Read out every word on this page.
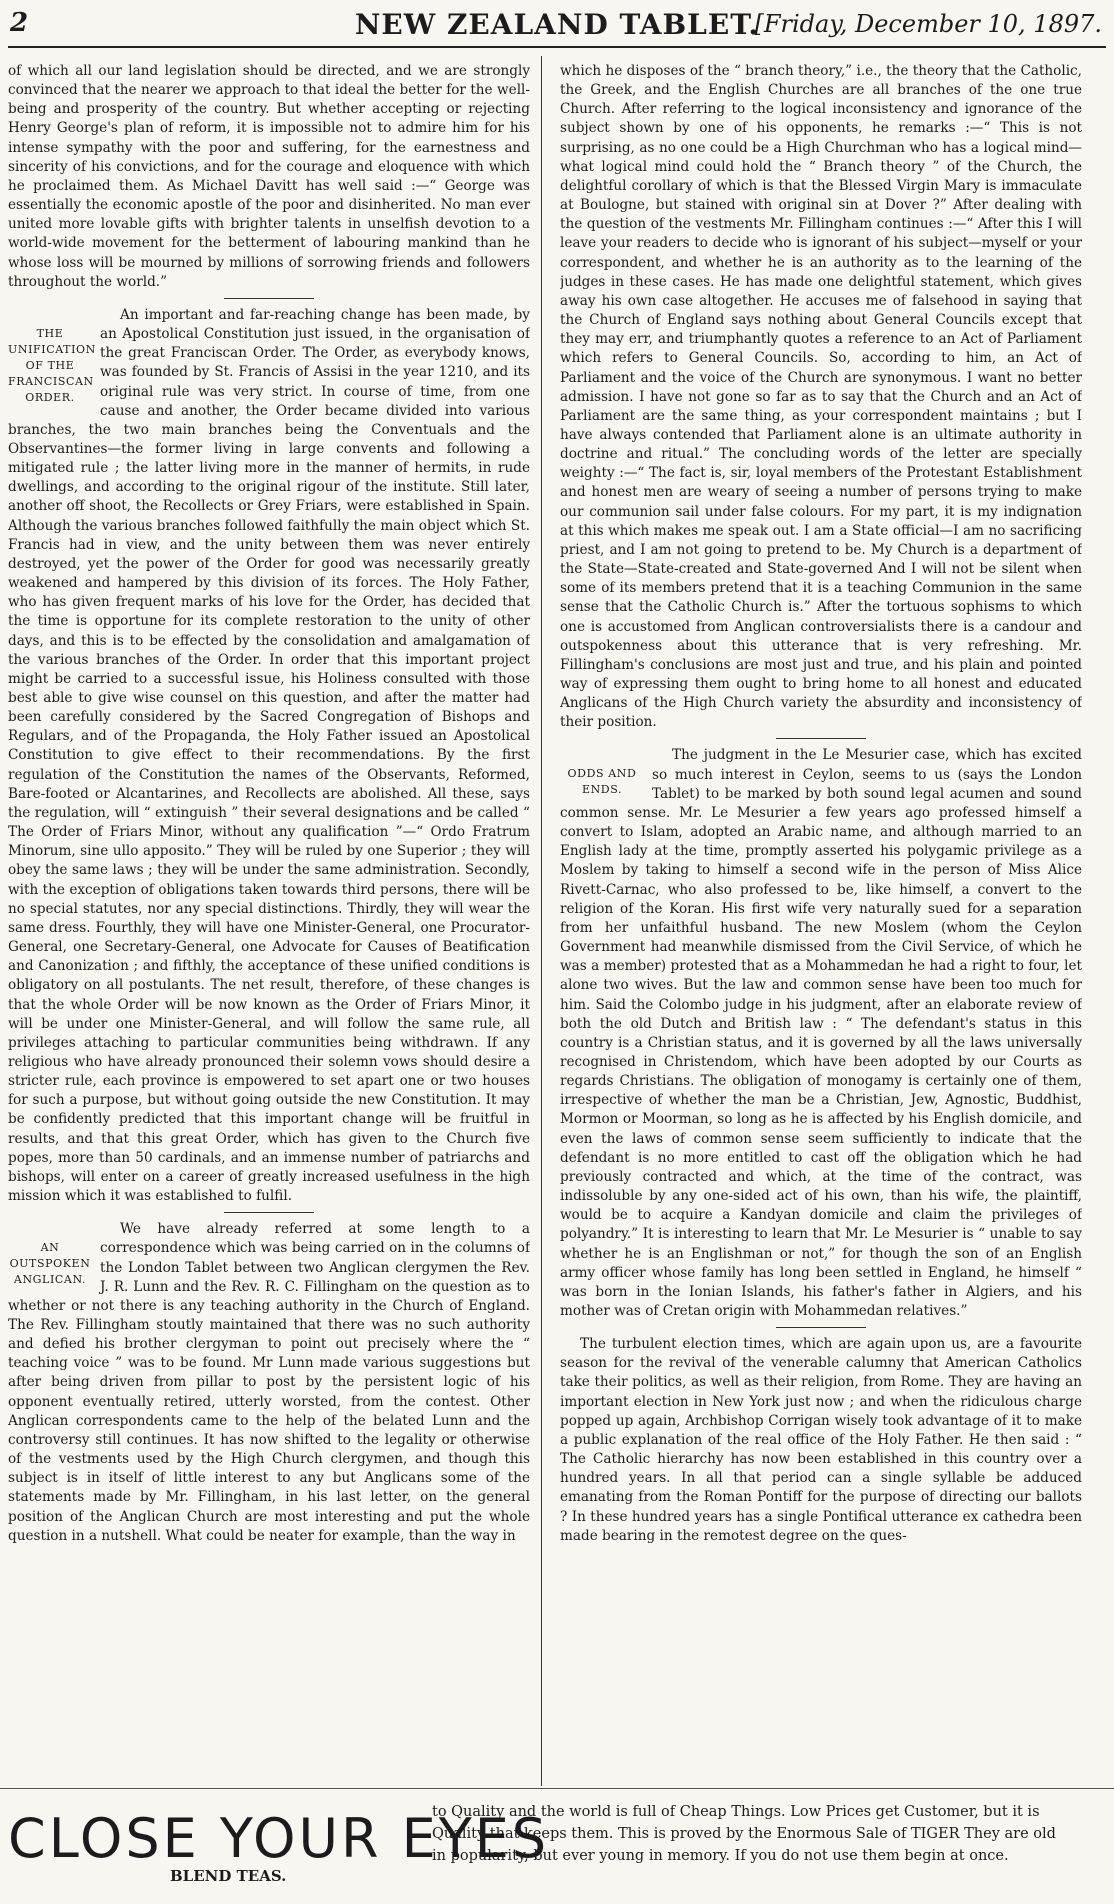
2	NEW ZEALAND TABLET.
[Friday, December 10, 1897.

of which all our land legislation should be directed, and we are strongly convinced that the nearer we approach to that ideal the better for the well-being and prosperity of the country. But whether accepting or rejecting Henry George's plan of reform, it is impossible not to admire him for his intense sympathy with the poor and suffering, for the earnestness and sincerity of his convictions, and for the courage and eloquence with which he proclaimed them. As Michael Davitt has well said :—“ George was essentially the economic apostle of the poor and disinherited. No man ever united more lovable gifts with brighter talents in unselfish devotion to a world-wide movement for the betterment of labouring mankind than he whose loss will be mourned by millions of sorrowing friends and followers throughout the world.”

THE UNIFICATION OF THE FRANCISCAN ORDER.

An important and far-reaching change has been made, by an Apostolical Constitution just issued, in the organisation of the great Franciscan Order. The Order, as everybody knows, was founded by St. Francis of Assisi in the year 1210, and its original rule was very strict. In course of time, from one cause and another, the Order became divided into various branches, the two main branches being the Conventuals and the Observantines—the former living in large convents and following a mitigated rule ; the latter living more in the manner of hermits, in rude dwellings, and according to the original rigour of the institute. Still later, another off shoot, the Recollects or Grey Friars, were established in Spain. Although the various branches followed faithfully the main object which St. Francis had in view, and the unity between them was never entirely destroyed, yet the power of the Order for good was necessarily greatly weakened and hampered by this division of its forces. The Holy Father, who has given frequent marks of his love for the Order, has decided that the time is opportune for its complete restoration to the unity of other days, and this is to be effected by the consolidation and amalgamation of the various branches of the Order. In order that this important project might be carried to a successful issue, his Holiness consulted with those best able to give wise counsel on this question, and after the matter had been carefully considered by the Sacred Congregation of Bishops and Regulars, and of the Propaganda, the Holy Father issued an Apostolical Constitution to give effect to their recommendations. By the first regulation of the Constitution the names of the Observants, Reformed, Bare-footed or Alcantarines, and Recollects are abolished. All these, says the regulation, will “ extinguish ” their several designations and be called “ The Order of Friars Minor, without any qualification ”—“ Ordo Fratrum Minorum, sine ullo apposito.” They will be ruled by one Superior ; they will obey the same laws ; they will be under the same administration. Secondly, with the exception of obligations taken towards third persons, there will be no special statutes, nor any special distinctions. Thirdly, they will wear the same dress. Fourthly, they will have one Minister-General, one Procurator-General, one Secretary-General, one Advocate for Causes of Beatification and Canonization ; and fifthly, the acceptance of these unified conditions is obligatory on all postulants. The net result, therefore, of these changes is that the whole Order will be now known as the Order of Friars Minor, it will be under one Minister-General, and will follow the same rule, all privileges attaching to particular communities being withdrawn. If any religious who have already pronounced their solemn vows should desire a stricter rule, each province is empowered to set apart one or two houses for such a purpose, but without going outside the new Constitution. It may be confidently predicted that this important change will be fruitful in results, and that this great Order, which has given to the Church five popes, more than 50 cardinals, and an immense number of patriarchs and bishops, will enter on a career of greatly increased usefulness in the high mission which it was established to fulfil.

AN OUTSPOKEN ANGLICAN.

We have already referred at some length to a correspondence which was being carried on in the columns of the London Tablet between two Anglican clergymen the Rev. J. R. Lunn and the Rev. R. C. Fillingham on the question as to whether or not there is any teaching authority in the Church of England. The Rev. Fillingham stoutly maintained that there was no such authority and defied his brother clergyman to point out precisely where the “ teaching voice ” was to be found. Mr Lunn made various suggestions but after being driven from pillar to post by the persistent logic of his opponent eventually retired, utterly worsted, from the contest. Other Anglican correspondents came to the help of the belated Lunn and the controversy still continues. It has now shifted to the legality or otherwise of the vestments used by the High Church clergymen, and though this subject is in itself of little interest to any but Anglicans some of the statements made by Mr. Fillingham, in his last letter, on the general position of the Anglican Church are most interesting and put the whole question in a nutshell. What could be neater for example, than the way in

which he disposes of the “ branch theory,” i.e., the theory that the Catholic, the Greek, and the English Churches are all branches of the one true Church. After referring to the logical inconsistency and ignorance of the subject shown by one of his opponents, he remarks :—“ This is not surprising, as no one could be a High Churchman who has a logical mind—what logical mind could hold the “ Branch theory ” of the Church, the delightful corollary of which is that the Blessed Virgin Mary is immaculate at Boulogne, but stained with original sin at Dover ?” After dealing with the question of the vestments Mr. Fillingham continues :—“ After this I will leave your readers to decide who is ignorant of his subject—myself or your correspondent, and whether he is an authority as to the learning of the judges in these cases. He has made one delightful statement, which gives away his own case altogether. He accuses me of falsehood in saying that the Church of England says nothing about General Councils except that they may err, and triumphantly quotes a reference to an Act of Parliament which refers to General Councils. So, according to him, an Act of Parliament and the voice of the Church are synonymous. I want no better admission. I have not gone so far as to say that the Church and an Act of Parliament are the same thing, as your correspondent maintains ; but I have always contended that Parliament alone is an ultimate authority in doctrine and ritual.” The concluding words of the letter are specially weighty :—“ The fact is, sir, loyal members of the Protestant Establishment and honest men are weary of seeing a number of persons trying to make our communion sail under false colours. For my part, it is my indignation at this which makes me speak out. I am a State official—I am no sacrificing priest, and I am not going to pretend to be. My Church is a department of the State—State-created and State-governed And I will not be silent when some of its members pretend that it is a teaching Communion in the same sense that the Catholic Church is.” After the tortuous sophisms to which one is accustomed from Anglican controversialists there is a candour and outspokenness about this utterance that is very refreshing. Mr. Fillingham's conclusions are most just and true, and his plain and pointed way of expressing them ought to bring home to all honest and educated Anglicans of the High Church variety the absurdity and inconsistency of their position.

ODDS AND ENDS.

The judgment in the Le Mesurier case, which has excited so much interest in Ceylon, seems to us (says the London Tablet) to be marked by both sound legal acumen and sound common sense. Mr. Le Mesurier a few years ago professed himself a convert to Islam, adopted an Arabic name, and although married to an English lady at the time, promptly asserted his polygamic privilege as a Moslem by taking to himself a second wife in the person of Miss Alice Rivett-Carnac, who also professed to be, like himself, a convert to the religion of the Koran. His first wife very naturally sued for a separation from her unfaithful husband. The new Moslem (whom the Ceylon Government had meanwhile dismissed from the Civil Service, of which he was a member) protested that as a Mohammedan he had a right to four, let alone two wives. But the law and common sense have been too much for him. Said the Colombo judge in his judgment, after an elaborate review of both the old Dutch and British law : “ The defendant's status in this country is a Christian status, and it is governed by all the laws universally recognised in Christendom, which have been adopted by our Courts as regards Christians. The obligation of monogamy is certainly one of them, irrespective of whether the man be a Christian, Jew, Agnostic, Buddhist, Mormon or Moorman, so long as he is affected by his English domicile, and even the laws of common sense seem sufficiently to indicate that the defendant is no more entitled to cast off the obligation which he had previously contracted and which, at the time of the contract, was indissoluble by any one-sided act of his own, than his wife, the plaintiff, would be to acquire a Kandyan domicile and claim the privileges of polyandry.” It is interesting to learn that Mr. Le Mesurier is “ unable to say whether he is an Englishman or not,” for though the son of an English army officer whose family has long been settled in England, he himself “ was born in the Ionian Islands, his father's father in Algiers, and his mother was of Cretan origin with Mohammedan relatives.”

The turbulent election times, which are again upon us, are a favourite season for the revival of the venerable calumny that American Catholics take their politics, as well as their religion, from Rome. They are having an important election in New York just now ; and when the ridiculous charge popped up again, Archbishop Corrigan wisely took advantage of it to make a public explanation of the real office of the Holy Father. He then said : “ The Catholic hierarchy has now been established in this country over a hundred years. In all that period can a single syllable be adduced emanating from the Roman Pontiff for the purpose of directing our ballots ? In these hundred years has a single Pontifical utterance ex cathedra been made bearing in the remotest degree on the ques-

CLOSE YOUR EYES
BLEND TEAS.
to Quality and the world is full of Cheap Things. Low Prices get Customer, but it is Quality that keeps them. This is proved by the Enormous Sale of TIGER They are old in popularity, but ever young in memory. If you do not use them begin at once.
